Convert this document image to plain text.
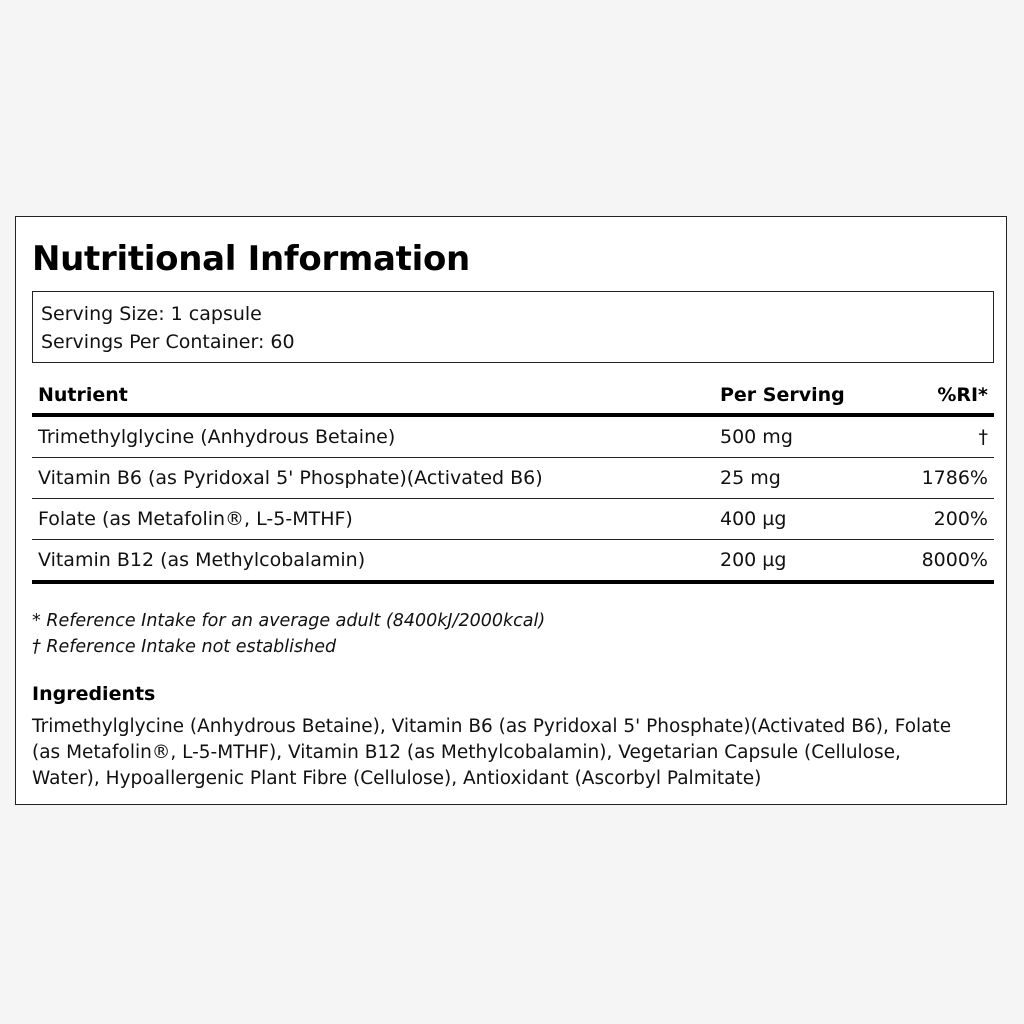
Nutritional Information
Serving Size: 1 capsule
Servings Per Container: 60
Nutrient	Per Serving	%RI*
Trimethylglycine (Anhydrous Betaine)	500 mg	†
Vitamin B6 (as Pyridoxal 5' Phosphate)(Activated B6)	25 mg	1786%
Folate (as Metafolin®, L-5-MTHF)	400 µg	200%
Vitamin B12 (as Methylcobalamin)	200 µg	8000%
* Reference Intake for an average adult (8400kJ/2000kcal)
† Reference Intake not established
Ingredients
Trimethylglycine (Anhydrous Betaine), Vitamin B6 (as Pyridoxal 5' Phosphate)(Activated B6), Folate (as Metafolin®, L-5-MTHF), Vitamin B12 (as Methylcobalamin), Vegetarian Capsule (Cellulose, Water), Hypoallergenic Plant Fibre (Cellulose), Antioxidant (Ascorbyl Palmitate)
